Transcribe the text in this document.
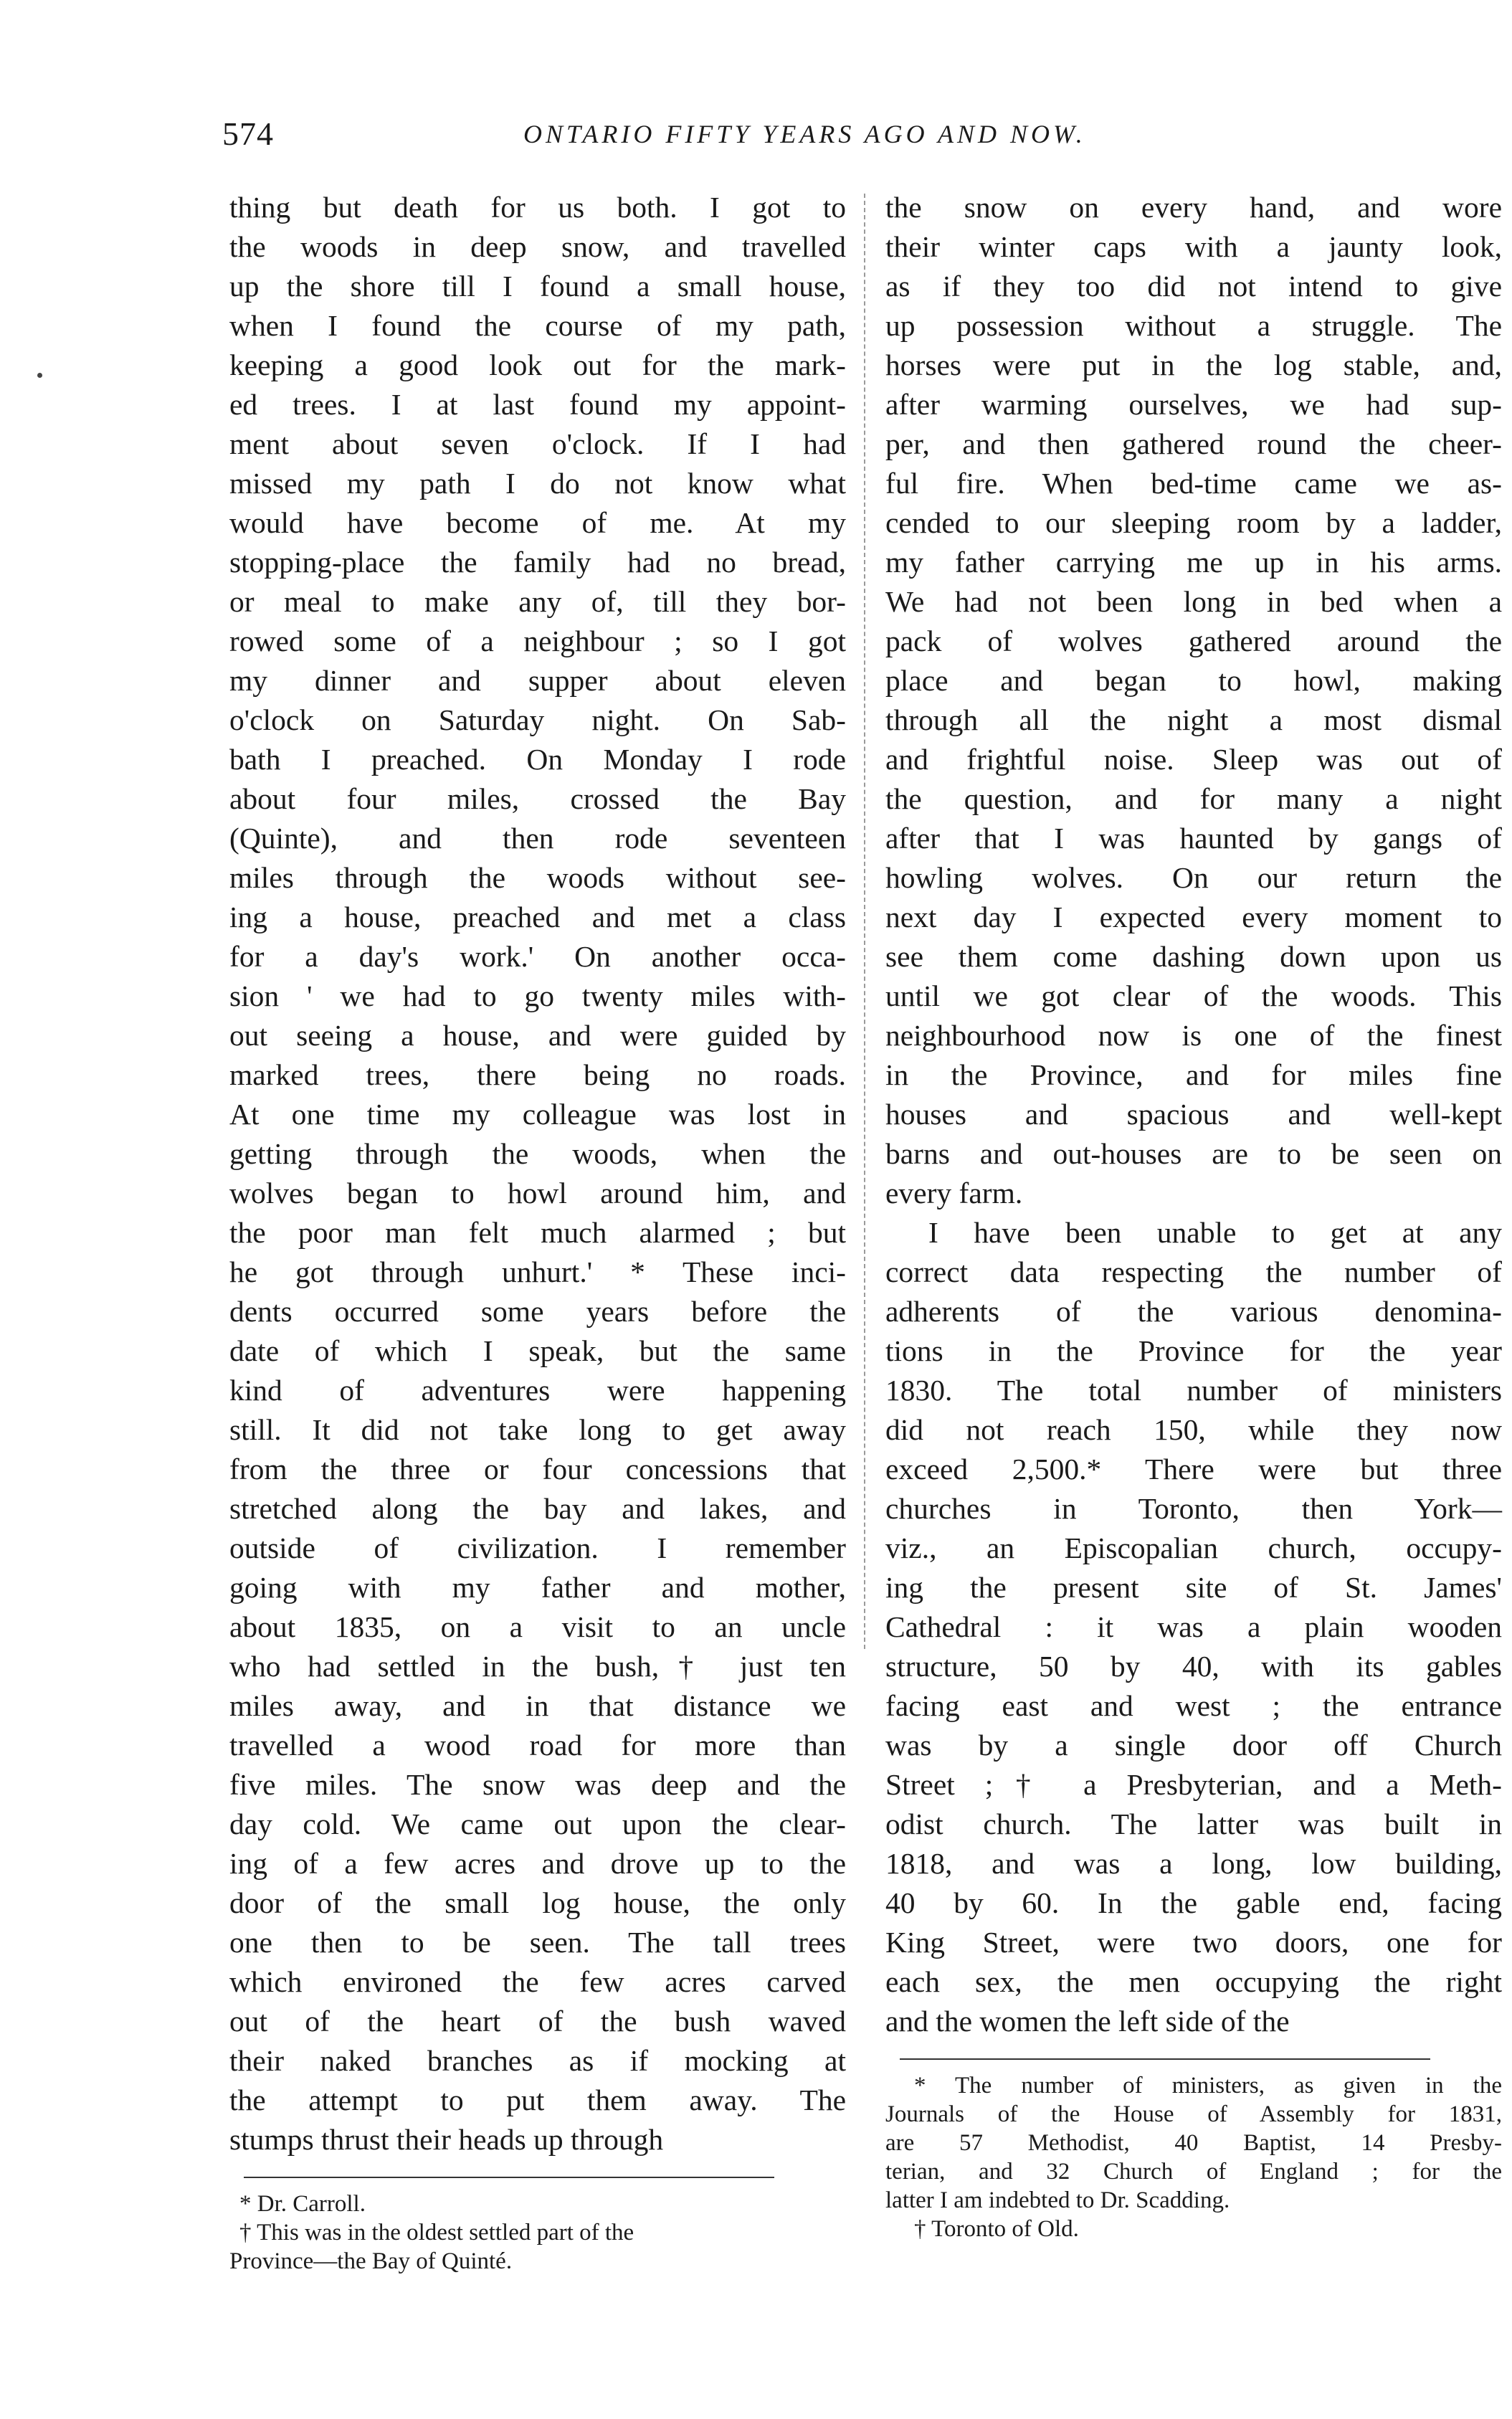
574	ONTARIO FIFTY YEARS AGO AND NOW.
thing but death for us both. I got to
the woods in deep snow, and travelled
up the shore till I found a small house,
when I found the course of my path,
keeping a good look out for the mark-
ed trees. I at last found my appoint-
ment about seven o'clock. If I had
missed my path I do not know what
would have become of me. At my
stopping-place the family had no bread,
or meal to make any of, till they bor-
rowed some of a neighbour ; so I got
my dinner and supper about eleven
o'clock on Saturday night. On Sab-
bath I preached. On Monday I rode
about four miles, crossed the Bay
(Quinte), and then rode seventeen
miles through the woods without see-
ing a house, preached and met a class
for a day's work.' On another occa-
sion ' we had to go twenty miles with-
out seeing a house, and were guided by
marked trees, there being no roads.
At one time my colleague was lost in
getting through the woods, when the
wolves began to howl around him, and
the poor man felt much alarmed ; but
he got through unhurt.' * These inci-
dents occurred some years before the
date of which I speak, but the same
kind of adventures were happening
still. It did not take long to get away
from the three or four concessions that
stretched along the bay and lakes, and
outside of civilization. I remember
going with my father and mother,
about 1835, on a visit to an uncle
who had settled in the bush,† just ten
miles away, and in that distance we
travelled a wood road for more than
five miles. The snow was deep and the
day cold. We came out upon the clear-
ing of a few acres and drove up to the
door of the small log house, the only
one then to be seen. The tall trees
which environed the few acres carved
out of the heart of the bush waved
their naked branches as if mocking at
the attempt to put them away. The
stumps thrust their heads up through
* Dr. Carroll.
† This was in the oldest settled part of the
Province—the Bay of Quinté.
the snow on every hand, and wore
their winter caps with a jaunty look,
as if they too did not intend to give
up possession without a struggle. The
horses were put in the log stable, and,
after warming ourselves, we had sup-
per, and then gathered round the cheer-
ful fire. When bed-time came we as-
cended to our sleeping room by a ladder,
my father carrying me up in his arms.
We had not been long in bed when a
pack of wolves gathered around the
place and began to howl, making
through all the night a most dismal
and frightful noise. Sleep was out of
the question, and for many a night
after that I was haunted by gangs of
howling wolves. On our return the
next day I expected every moment to
see them come dashing down upon us
until we got clear of the woods. This
neighbourhood now is one of the finest
in the Province, and for miles fine
houses and spacious and well-kept
barns and out-houses are to be seen on
every farm.
I have been unable to get at any
correct data respecting the number of
adherents of the various denomina-
tions in the Province for the year
1830. The total number of ministers
did not reach 150, while they now
exceed 2,500.* There were but three
churches in Toronto, then York—
viz., an Episcopalian church, occupy-
ing the present site of St. James'
Cathedral : it was a plain wooden
structure, 50 by 40, with its gables
facing east and west ; the entrance
was by a single door off Church
Street ;† a Presbyterian, and a Meth-
odist church. The latter was built in
1818, and was a long, low building,
40 by 60. In the gable end, facing
King Street, were two doors, one for
each sex, the men occupying the right
and the women the left side of the
* The number of ministers, as given in the
Journals of the House of Assembly for 1831,
are 57 Methodist, 40 Baptist, 14 Presby-
terian, and 32 Church of England ; for the
latter I am indebted to Dr. Scadding.
† Toronto of Old.
